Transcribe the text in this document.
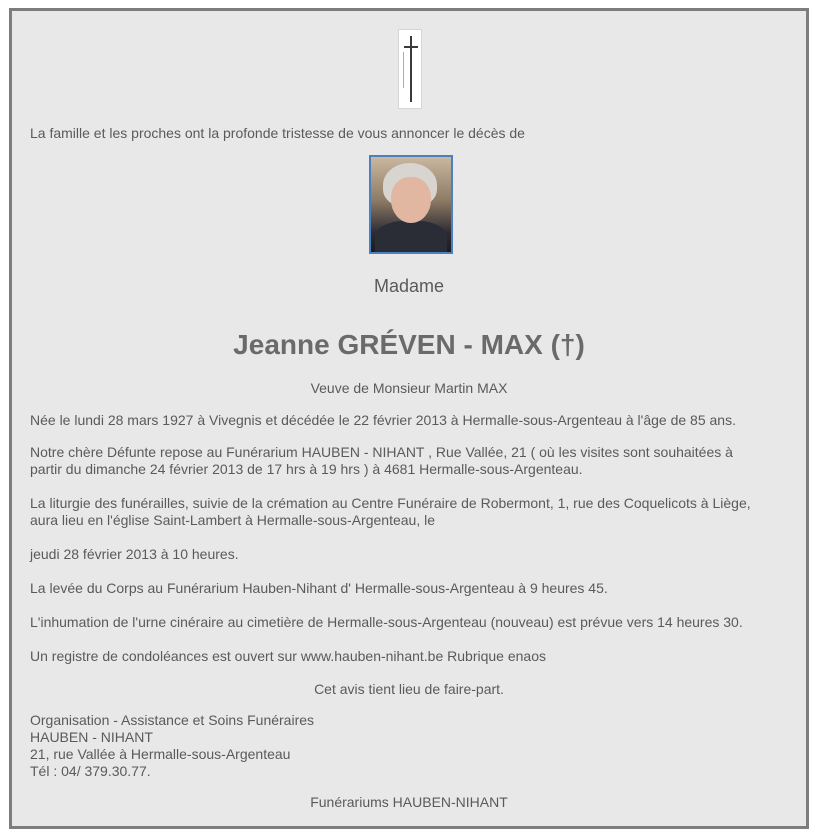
La famille et les proches ont la profonde tristesse de vous annoncer le décès de
Madame
Jeanne GRÉVEN - MAX (†)
Veuve de Monsieur Martin MAX
Née le lundi 28 mars 1927 à Vivegnis et décédée le 22 février 2013 à Hermalle-sous-Argenteau à l'âge de 85 ans.
Notre chère Défunte repose au Funérarium HAUBEN - NIHANT , Rue Vallée, 21 ( où les visites sont souhaitées à
partir du dimanche 24 février 2013 de 17 hrs à 19 hrs ) à 4681 Hermalle-sous-Argenteau.
La liturgie des funérailles, suivie de la crémation au Centre Funéraire de Robermont, 1, rue des Coquelicots à Liège,
aura lieu en l'église Saint-Lambert à Hermalle-sous-Argenteau, le
jeudi 28 février 2013 à 10 heures.
La levée du Corps au Funérarium Hauben-Nihant d' Hermalle-sous-Argenteau à 9 heures 45.
L'inhumation de l'urne cinéraire au cimetière de Hermalle-sous-Argenteau (nouveau) est prévue vers 14 heures 30.
Un registre de condoléances est ouvert sur www.hauben-nihant.be Rubrique enaos
Cet avis tient lieu de faire-part.
Organisation - Assistance et Soins Funéraires
HAUBEN - NIHANT
21, rue Vallée à Hermalle-sous-Argenteau
Tél : 04/ 379.30.77.
Funérariums HAUBEN-NIHANT
